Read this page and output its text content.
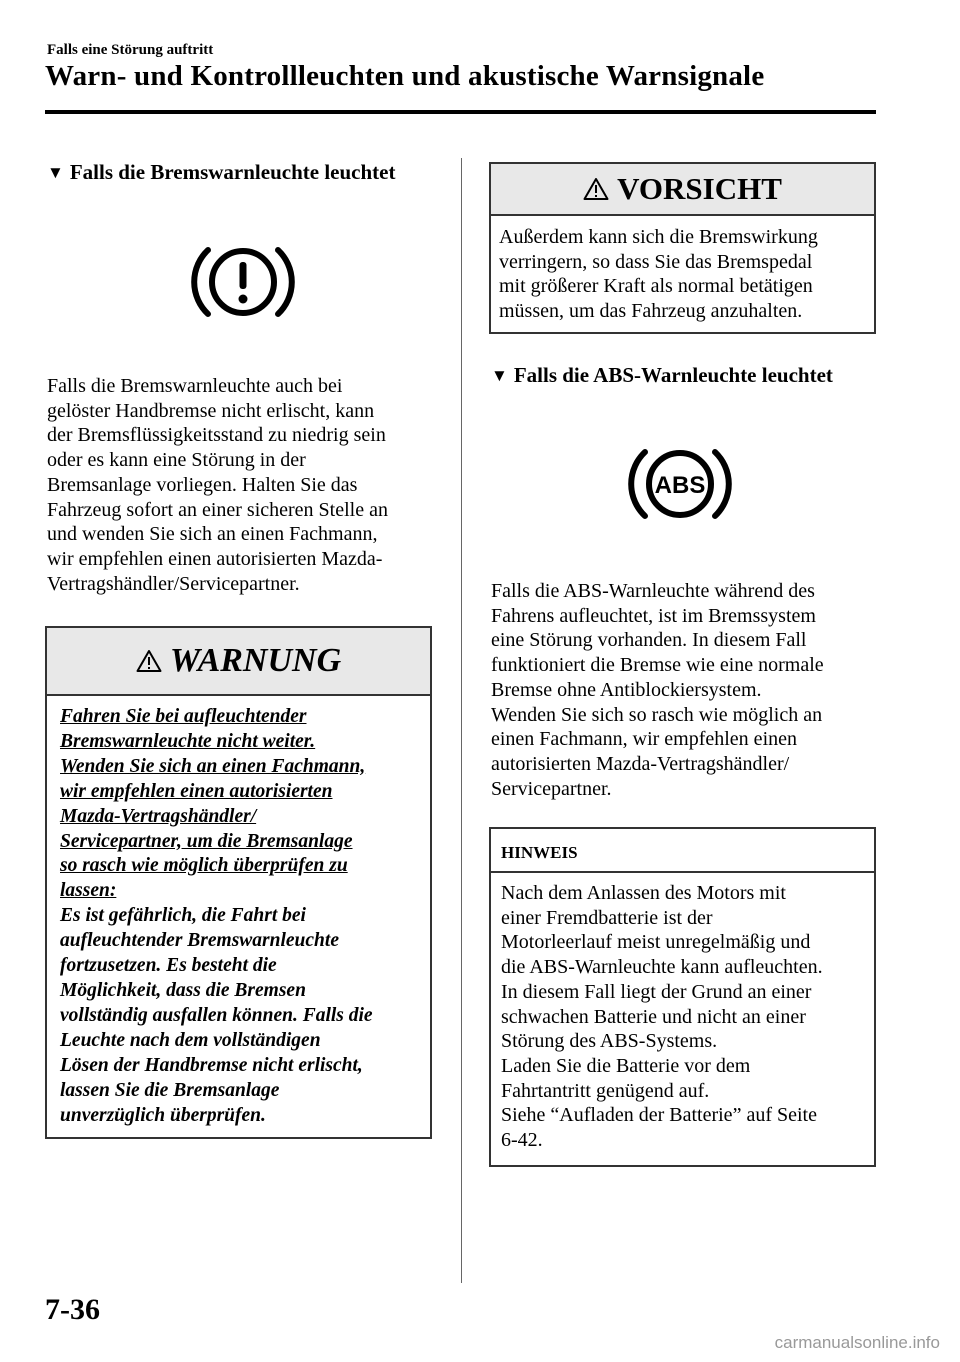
Falls eine Störung auftritt
Warn- und Kontrollleuchten und akustische Warnsignale
▼ Falls die Bremswarnleuchte leuchtet
Falls die Bremswarnleuchte auch bei
gelöster Handbremse nicht erlischt, kann
der Bremsflüssigkeitsstand zu niedrig sein
oder es kann eine Störung in der
Bremsanlage vorliegen. Halten Sie das
Fahrzeug sofort an einer sicheren Stelle an
und wenden Sie sich an einen Fachmann,
wir empfehlen einen autorisierten Mazda-
Vertragshändler/Servicepartner.
WARNUNG
Fahren Sie bei aufleuchtender
Bremswarnleuchte nicht weiter.
Wenden Sie sich an einen Fachmann,
wir empfehlen einen autorisierten
Mazda-Vertragshändler/
Servicepartner, um die Bremsanlage
so rasch wie möglich überprüfen zu
lassen:
Es ist gefährlich, die Fahrt bei
aufleuchtender Bremswarnleuchte
fortzusetzen. Es besteht die
Möglichkeit, dass die Bremsen
vollständig ausfallen können. Falls die
Leuchte nach dem vollständigen
Lösen der Handbremse nicht erlischt,
lassen Sie die Bremsanlage
unverzüglich überprüfen.
VORSICHT
Außerdem kann sich die Bremswirkung
verringern, so dass Sie das Bremspedal
mit größerer Kraft als normal betätigen
müssen, um das Fahrzeug anzuhalten.
▼ Falls die ABS-Warnleuchte leuchtet
ABS
Falls die ABS-Warnleuchte während des
Fahrens aufleuchtet, ist im Bremssystem
eine Störung vorhanden. In diesem Fall
funktioniert die Bremse wie eine normale
Bremse ohne Antiblockiersystem.
Wenden Sie sich so rasch wie möglich an
einen Fachmann, wir empfehlen einen
autorisierten Mazda-Vertragshändler/
Servicepartner.
HINWEIS
Nach dem Anlassen des Motors mit
einer Fremdbatterie ist der
Motorleerlauf meist unregelmäßig und
die ABS-Warnleuchte kann aufleuchten.
In diesem Fall liegt der Grund an einer
schwachen Batterie und nicht an einer
Störung des ABS-Systems.
Laden Sie die Batterie vor dem
Fahrtantritt genügend auf.
Siehe “Aufladen der Batterie” auf Seite
6-42.
7-36
carmanualsonline.info
